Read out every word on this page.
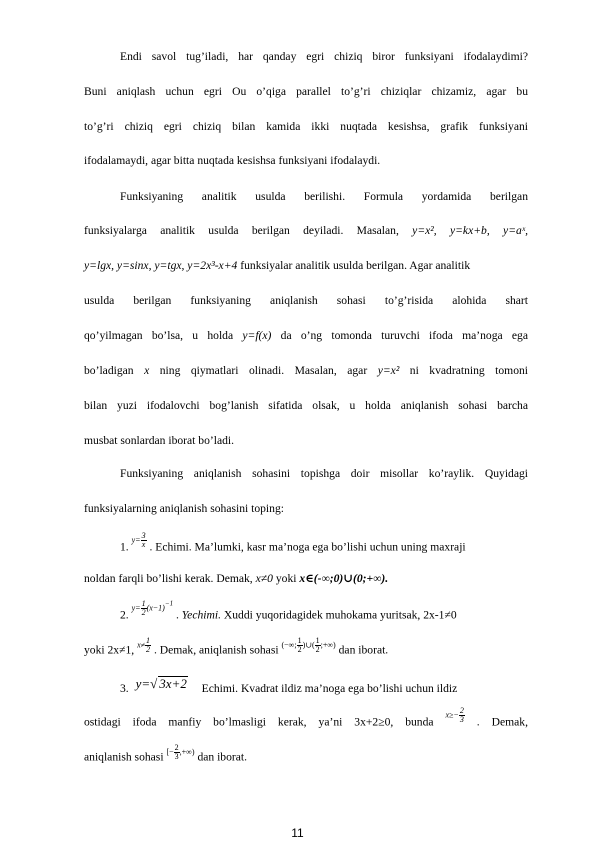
Endi savol tug’iladi, har qanday egri chiziq biror funksiyani ifodalaydimi?
Buni aniqlash uchun egri Ou o’qiga parallel to’g’ri chiziqlar chizamiz, agar bu
to’g’ri chiziq egri chiziq bilan kamida ikki nuqtada kesishsa, grafik funksiyani
ifodalamaydi, agar bitta nuqtada kesishsa funksiyani ifodalaydi.
Funksiyaning analitik usulda berilishi. Formula yordamida berilgan
funksiyalarga analitik usulda berilgan deyiladi. Masalan, y=x², y=kx+b, y=aˣ,
y=lgx, y=sinx, y=tgx, y=2x³-x+4 funksiyalar analitik usulda berilgan. Agar analitik
usulda berilgan funksiyaning aniqlanish sohasi to’g’risida alohida shart
qo’yilmagan bo’lsa, u holda y=f(x) da o’ng tomonda turuvchi ifoda ma’noga ega
bo’ladigan x ning qiymatlari olinadi. Masalan, agar y=x² ni kvadratning tomoni
bilan yuzi ifodalovchi bog’lanish sifatida olsak, u holda aniqlanish sohasi barcha
musbat sonlardan iborat bo’ladi.
Funksiyaning aniqlanish sohasini topishga doir misollar ko’raylik. Quyidagi
funksiyalarning aniqlanish sohasini toping:
1. $y= \frac{3}{x}$ . Echimi. Ma’lumki, kasr ma’noga ega bo’lishi uchun uning maxraji
noldan farqli bo’lishi kerak. Demak, x≠0 yoki x∈(-∞;0)∪(0;+∞).
2. $y= \frac{1}{2} (x-1)^{-1}$ . Yechimi. Xuddi yuqoridagidek muhokama yuritsak, 2x-1≠0
yoki 2x≠1, $x\ne \frac{1}{2}$ . Demak, aniqlanish sohasi (−∞; $\frac{1}{2}$ )∪( $\frac{1}{2}$ ;+∞) dan iborat.
3. y=√ 3x+2 Echimi. Kvadrat ildiz ma’noga ega bo’lishi uchun ildiz
ostidagi ifoda manfiy bo’lmasligi kerak, ya’ni 3x+2≥0, bunda $x\ge- \frac{2}{3}$ . Demak,
aniqlanish sohasi [− $\frac{2}{3}$ ,+∞) dan iborat.
11
